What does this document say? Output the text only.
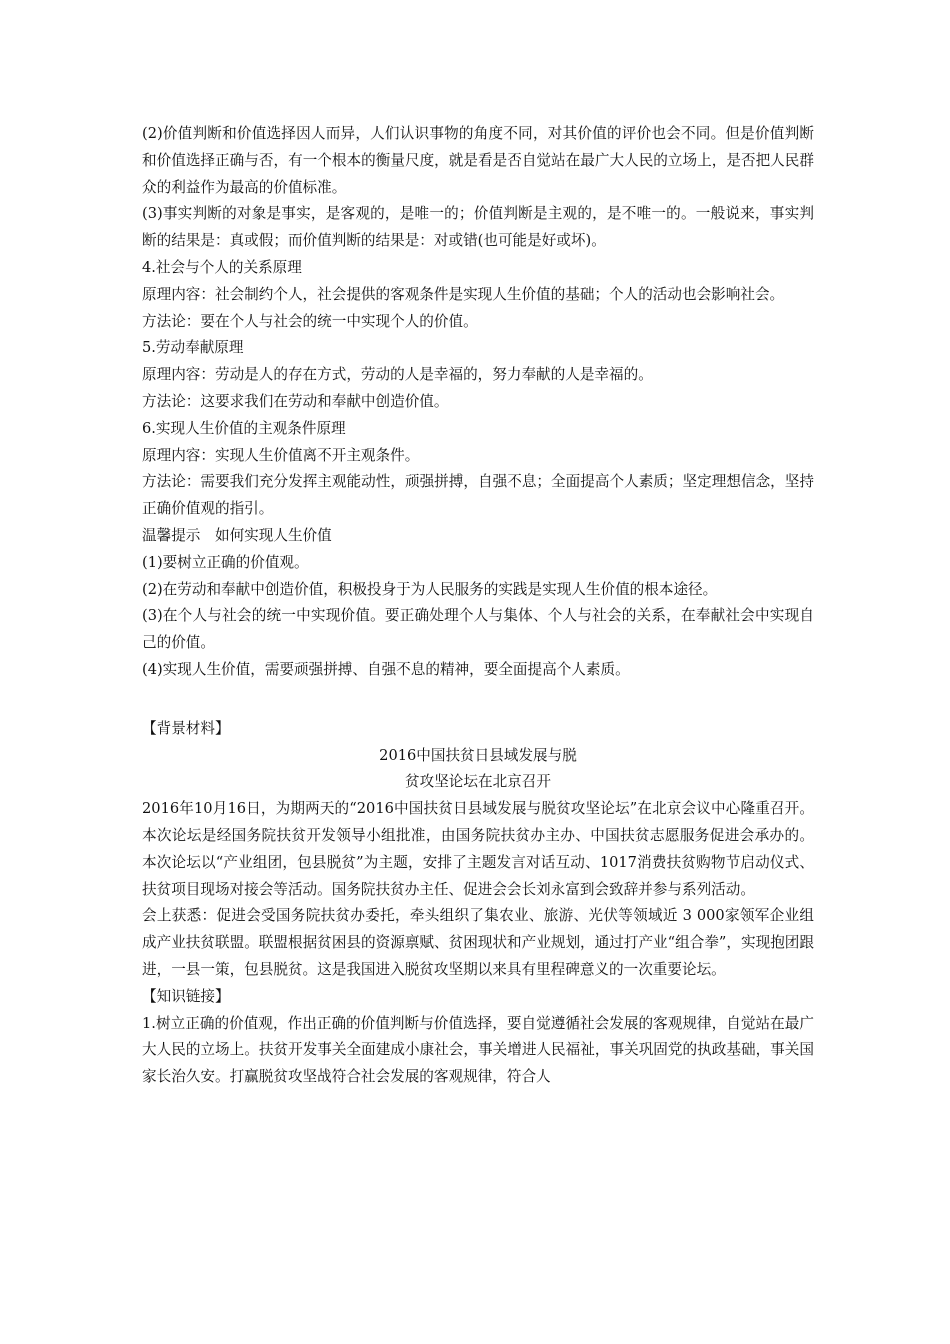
(2)价值判断和价值选择因人而异，人们认识事物的角度不同，对其价值的评价也会不同。但是价值判断和价值选择正确与否，有一个根本的衡量尺度，就是看是否自觉站在最广大人民的立场上，是否把人民群众的利益作为最高的价值标准。

(3)事实判断的对象是事实，是客观的，是唯一的；价值判断是主观的，是不唯一的。一般说来，事实判断的结果是：真或假；而价值判断的结果是：对或错(也可能是好或坏)。

4.社会与个人的关系原理

原理内容：社会制约个人，社会提供的客观条件是实现人生价值的基础；个人的活动也会影响社会。

方法论：要在个人与社会的统一中实现个人的价值。

5.劳动奉献原理

原理内容：劳动是人的存在方式，劳动的人是幸福的，努力奉献的人是幸福的。

方法论：这要求我们在劳动和奉献中创造价值。

6.实现人生价值的主观条件原理

原理内容：实现人生价值离不开主观条件。

方法论：需要我们充分发挥主观能动性，顽强拼搏，自强不息；全面提高个人素质；坚定理想信念，坚持正确价值观的指引。

温馨提示　如何实现人生价值

(1)要树立正确的价值观。

(2)在劳动和奉献中创造价值，积极投身于为人民服务的实践是实现人生价值的根本途径。

(3)在个人与社会的统一中实现价值。要正确处理个人与集体、个人与社会的关系，在奉献社会中实现自己的价值。

(4)实现人生价值，需要顽强拼搏、自强不息的精神，要全面提高个人素质。

【背景材料】

2016中国扶贫日县域发展与脱

贫攻坚论坛在北京召开

2016年10月16日，为期两天的“2016中国扶贫日县域发展与脱贫攻坚论坛”在北京会议中心隆重召开。本次论坛是经国务院扶贫开发领导小组批准，由国务院扶贫办主办、中国扶贫志愿服务促进会承办的。 本次论坛以“产业组团，包县脱贫”为主题，安排了主题发言对话互动、1017消费扶贫购物节启动仪式、扶贫项目现场对接会等活动。国务院扶贫办主任、促进会会长刘永富到会致辞并参与系列活动。

会上获悉：促进会受国务院扶贫办委托，牵头组织了集农业、旅游、光伏等领域近 3 000家领军企业组成产业扶贫联盟。联盟根据贫困县的资源禀赋、贫困现状和产业规划，通过打产业“组合拳”，实现抱团跟进，一县一策，包县脱贫。这是我国进入脱贫攻坚期以来具有里程碑意义的一次重要论坛。

【知识链接】

1.树立正确的价值观，作出正确的价值判断与价值选择，要自觉遵循社会发展的客观规律，自觉站在最广大人民的立场上。扶贫开发事关全面建成小康社会，事关增进人民福祉，事关巩固党的执政基础，事关国家长治久安。打赢脱贫攻坚战符合社会发展的客观规律，符合人
